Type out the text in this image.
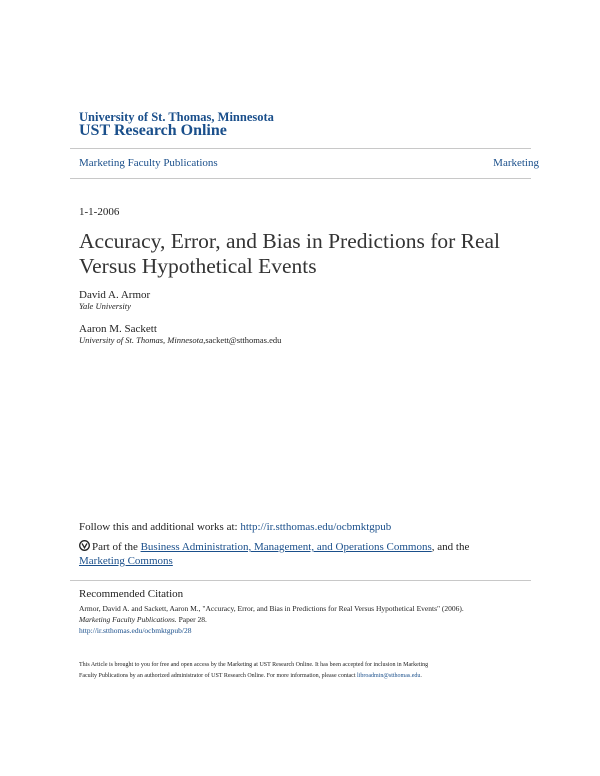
University of St. Thomas, Minnesota
UST Research Online
Marketing Faculty Publications	Marketing
1-1-2006
Accuracy, Error, and Bias in Predictions for Real
Versus Hypothetical Events
David A. Armor
Yale University
Aaron M. Sackett
University of St. Thomas, Minnesota,sackett@stthomas.edu
Follow this and additional works at: http://ir.stthomas.edu/ocbmktgpub
Part of the Business Administration, Management, and Operations Commons, and the
Marketing Commons
Recommended Citation
Armor, David A. and Sackett, Aaron M., "Accuracy, Error, and Bias in Predictions for Real Versus Hypothetical Events" (2006).
Marketing Faculty Publications. Paper 28.
http://ir.stthomas.edu/ocbmktgpub/28
This Article is brought to you for free and open access by the Marketing at UST Research Online. It has been accepted for inclusion in Marketing
Faculty Publications by an authorized administrator of UST Research Online. For more information, please contact libroadmin@stthomas.edu.
